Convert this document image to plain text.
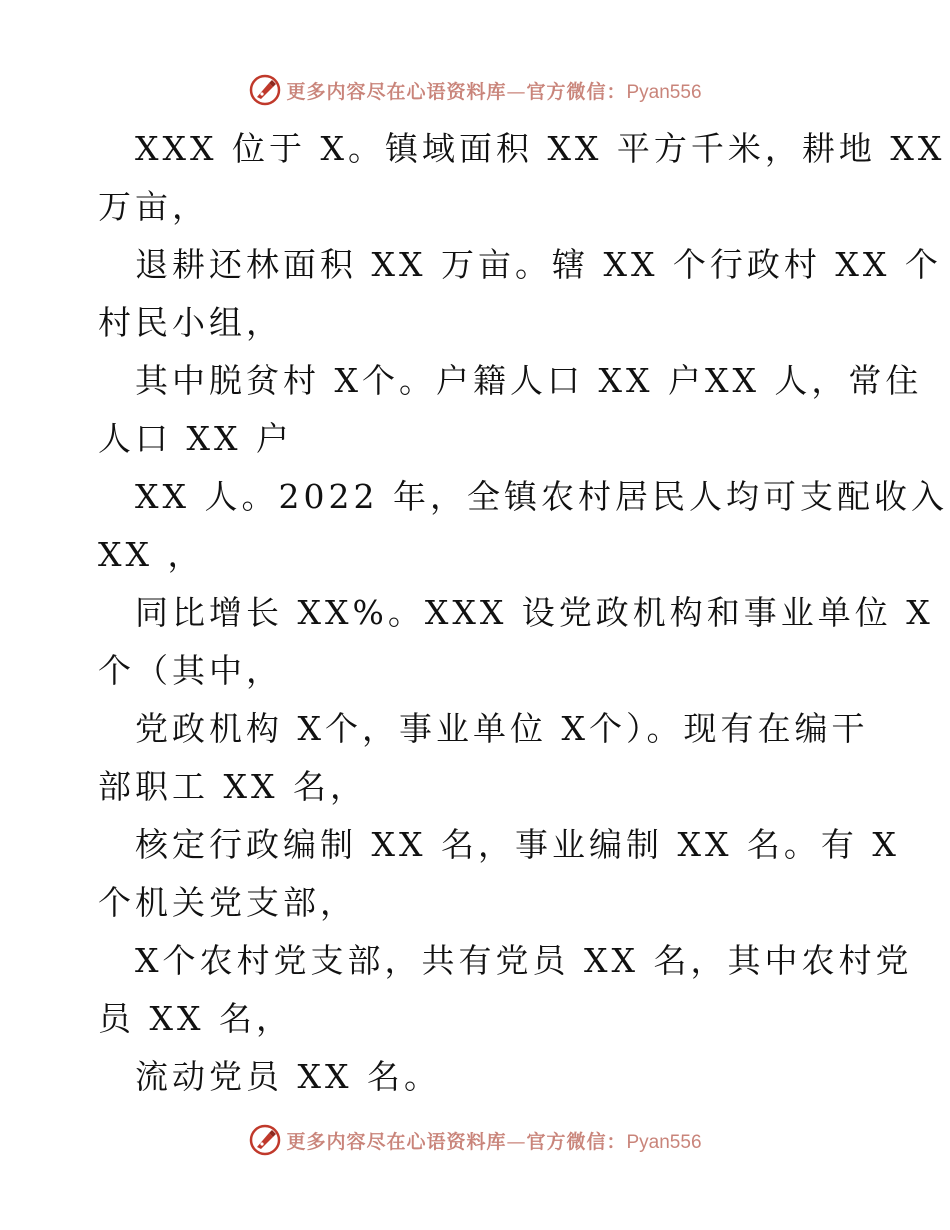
更多内容尽在心语资料库—官方微信：Pyan556
XXX 位于 X。镇域面积 XX 平方千米，耕地 XX
万亩，
退耕还林面积 XX 万亩。辖 XX 个行政村 XX 个
村民小组，
其中脱贫村 X个。户籍人口 XX 户XX 人，常住
人口 XX 户
XX 人。2022 年，全镇农村居民人均可支配收入
XX ，
同比增长 XX%。XXX 设党政机构和事业单位 X
个（其中，
党政机构 X个，事业单位 X个）。现有在编干
部职工 XX 名，
核定行政编制 XX 名，事业编制 XX 名。有 X
个机关党支部，
X个农村党支部，共有党员 XX 名，其中农村党
员 XX 名，
流动党员 XX 名。
更多内容尽在心语资料库—官方微信：Pyan556
